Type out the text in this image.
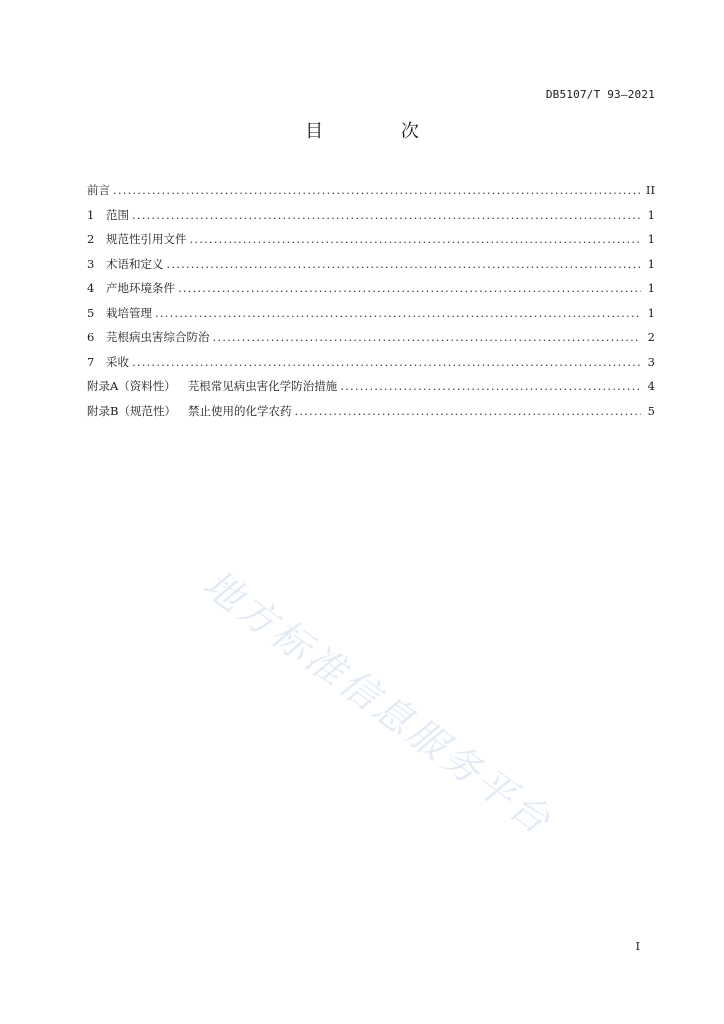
DB5107/T 93—2021
目 次
前言 .....	II
1	范围 .....	1
2	规范性引用文件 .....	1
3	术语和定义 .....	1
4	产地环境条件 .....	1
5	栽培管理 .....	1
6	芫根病虫害综合防治 .....	2
7	采收 .....	3
附录A（资料性） 芫根常见病虫害化学防治措施 .....	4
附录B（规范性） 禁止使用的化学农药 .....	5
地方标准信息服务平台
I
